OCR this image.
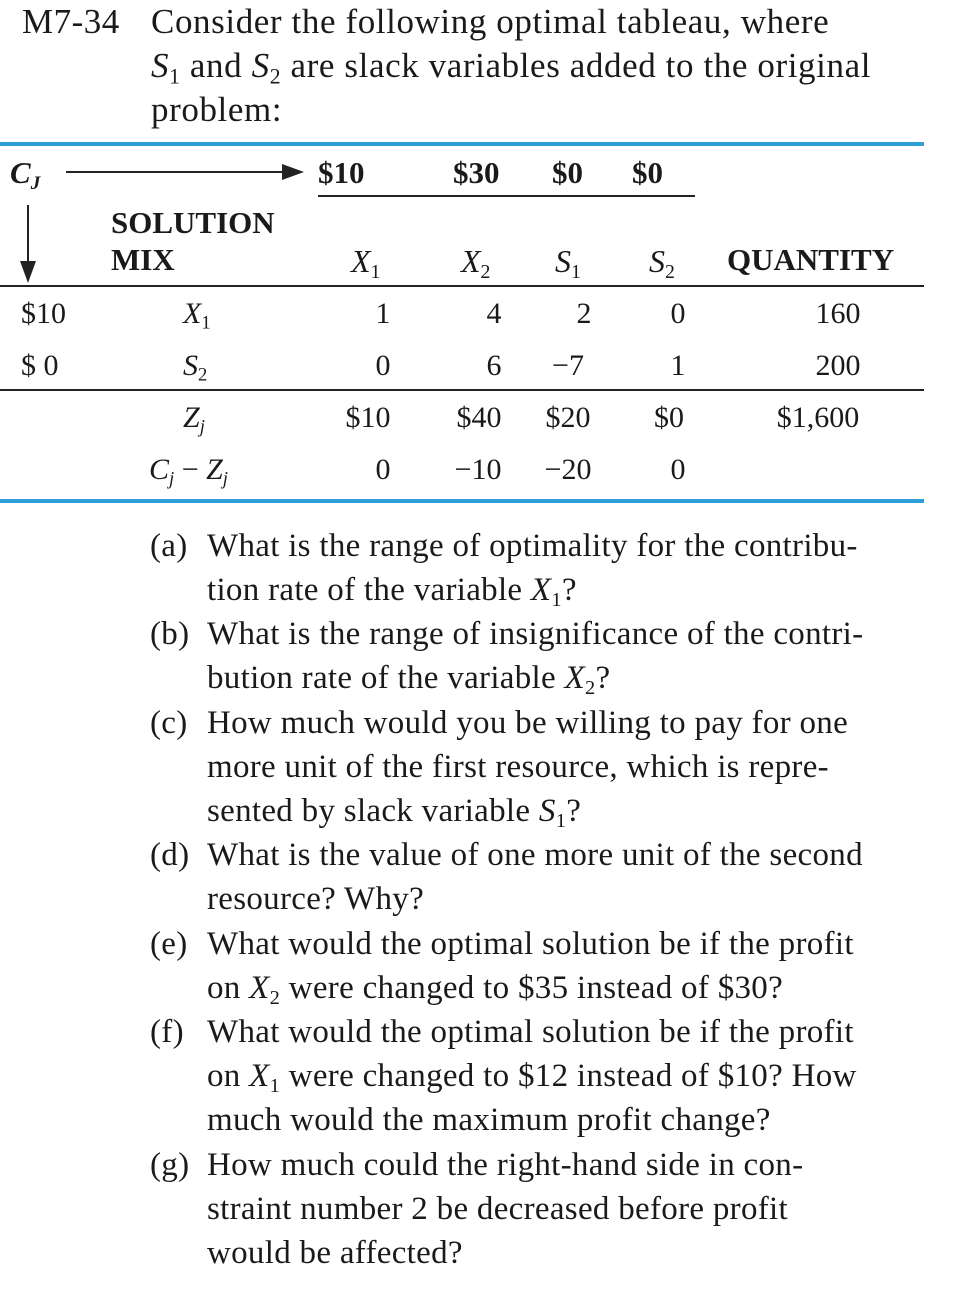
M7-34 Consider the following optimal tableau, where
$S_1$ and $S_2$ are slack variables added to the original
problem:
$C_J$	$10	$30 $0 $0
SOLUTION
MIX	$X_1$	$X_2$ $S_1$ $S_2$ QUANTITY
$10	$X_1$	1	4	2	0	160
$ 0	$S_2$	0	6	−7	1	200
$Z_j$	$10	$40	$20	$0	$1,600
$C_j - Z_j$	0	−10	−20	0
(a) What is the range of optimality for the contribu-
tion rate of the variable $X_1$?
(b) What is the range of insignificance of the contri-
bution rate of the variable $X_2$?
(c) How much would you be willing to pay for one
more unit of the first resource, which is repre-
sented by slack variable $S_1$?
(d) What is the value of one more unit of the second
resource? Why?
(e) What would the optimal solution be if the profit
on $X_2$ were changed to $35 instead of $30?
(f) What would the optimal solution be if the profit
on $X_1$ were changed to $12 instead of $10? How
much would the maximum profit change?
(g) How much could the right-hand side in con-
straint number 2 be decreased before profit
would be affected?
